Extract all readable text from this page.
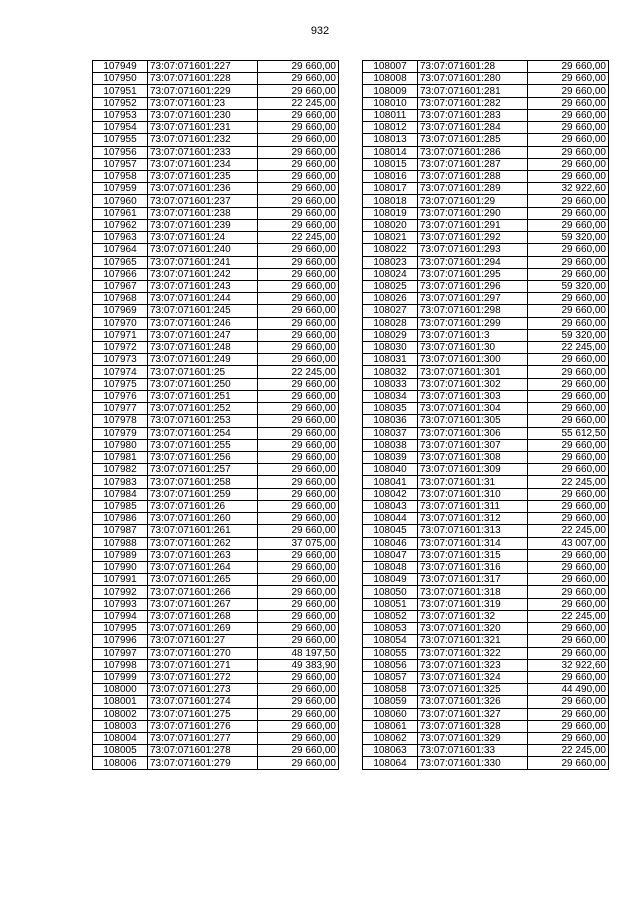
932
107949	73:07:071601:227	29 660,00
107950	73:07:071601:228	29 660,00
107951	73:07:071601:229	29 660,00
107952	73:07:071601:23	22 245,00
107953	73:07:071601:230	29 660,00
107954	73:07:071601:231	29 660,00
107955	73:07:071601:232	29 660,00
107956	73:07:071601:233	29 660,00
107957	73:07:071601:234	29 660,00
107958	73:07:071601:235	29 660,00
107959	73:07:071601:236	29 660,00
107960	73:07:071601:237	29 660,00
107961	73:07:071601:238	29 660,00
107962	73:07:071601:239	29 660,00
107963	73:07:071601:24	22 245,00
107964	73:07:071601:240	29 660,00
107965	73:07:071601:241	29 660,00
107966	73:07:071601:242	29 660,00
107967	73:07:071601:243	29 660,00
107968	73:07:071601:244	29 660,00
107969	73:07:071601:245	29 660,00
107970	73:07:071601:246	29 660,00
107971	73:07:071601:247	29 660,00
107972	73:07:071601:248	29 660,00
107973	73:07:071601:249	29 660,00
107974	73:07:071601:25	22 245,00
107975	73:07:071601:250	29 660,00
107976	73:07:071601:251	29 660,00
107977	73:07:071601:252	29 660,00
107978	73:07:071601:253	29 660,00
107979	73:07:071601:254	29 660,00
107980	73:07:071601:255	29 660,00
107981	73:07:071601:256	29 660,00
107982	73:07:071601:257	29 660,00
107983	73:07:071601:258	29 660,00
107984	73:07:071601:259	29 660,00
107985	73:07:071601:26	29 660,00
107986	73:07:071601:260	29 660,00
107987	73:07:071601:261	29 660,00
107988	73:07:071601:262	37 075,00
107989	73:07:071601:263	29 660,00
107990	73:07:071601:264	29 660,00
107991	73:07:071601:265	29 660,00
107992	73:07:071601:266	29 660,00
107993	73:07:071601:267	29 660,00
107994	73:07:071601:268	29 660,00
107995	73:07:071601:269	29 660,00
107996	73:07:071601:27	29 660,00
107997	73:07:071601:270	48 197,50
107998	73:07:071601:271	49 383,90
107999	73:07:071601:272	29 660,00
108000	73:07:071601:273	29 660,00
108001	73:07:071601:274	29 660,00
108002	73:07:071601:275	29 660,00
108003	73:07:071601:276	29 660,00
108004	73:07:071601:277	29 660,00
108005	73:07:071601:278	29 660,00
108006	73:07:071601:279	29 660,00
108007	73:07:071601:28	29 660,00
108008	73:07:071601:280	29 660,00
108009	73:07:071601:281	29 660,00
108010	73:07:071601:282	29 660,00
108011	73:07:071601:283	29 660,00
108012	73:07:071601:284	29 660,00
108013	73:07:071601:285	29 660,00
108014	73:07:071601:286	29 660,00
108015	73:07:071601:287	29 660,00
108016	73:07:071601:288	29 660,00
108017	73:07:071601:289	32 922,60
108018	73:07:071601:29	29 660,00
108019	73:07:071601:290	29 660,00
108020	73:07:071601:291	29 660,00
108021	73:07:071601:292	59 320,00
108022	73:07:071601:293	29 660,00
108023	73:07:071601:294	29 660,00
108024	73:07:071601:295	29 660,00
108025	73:07:071601:296	59 320,00
108026	73:07:071601:297	29 660,00
108027	73:07:071601:298	29 660,00
108028	73:07:071601:299	29 660,00
108029	73:07:071601:3	59 320,00
108030	73:07:071601:30	22 245,00
108031	73:07:071601:300	29 660,00
108032	73:07:071601:301	29 660,00
108033	73:07:071601:302	29 660,00
108034	73:07:071601:303	29 660,00
108035	73:07:071601:304	29 660,00
108036	73:07:071601:305	29 660,00
108037	73:07:071601:306	55 612,50
108038	73:07:071601:307	29 660,00
108039	73:07:071601:308	29 660,00
108040	73:07:071601:309	29 660,00
108041	73:07:071601:31	22 245,00
108042	73:07:071601:310	29 660,00
108043	73:07:071601:311	29 660,00
108044	73:07:071601:312	29 660,00
108045	73:07:071601:313	22 245,00
108046	73:07:071601:314	43 007,00
108047	73:07:071601:315	29 660,00
108048	73:07:071601:316	29 660,00
108049	73:07:071601:317	29 660,00
108050	73:07:071601:318	29 660,00
108051	73:07:071601:319	29 660,00
108052	73:07:071601:32	22 245,00
108053	73:07:071601:320	29 660,00
108054	73:07:071601:321	29 660,00
108055	73:07:071601:322	29 660,00
108056	73:07:071601:323	32 922,60
108057	73:07:071601:324	29 660,00
108058	73:07:071601:325	44 490,00
108059	73:07:071601:326	29 660,00
108060	73:07:071601:327	29 660,00
108061	73:07:071601:328	29 660,00
108062	73:07:071601:329	29 660,00
108063	73:07:071601:33	22 245,00
108064	73:07:071601:330	29 660,00
